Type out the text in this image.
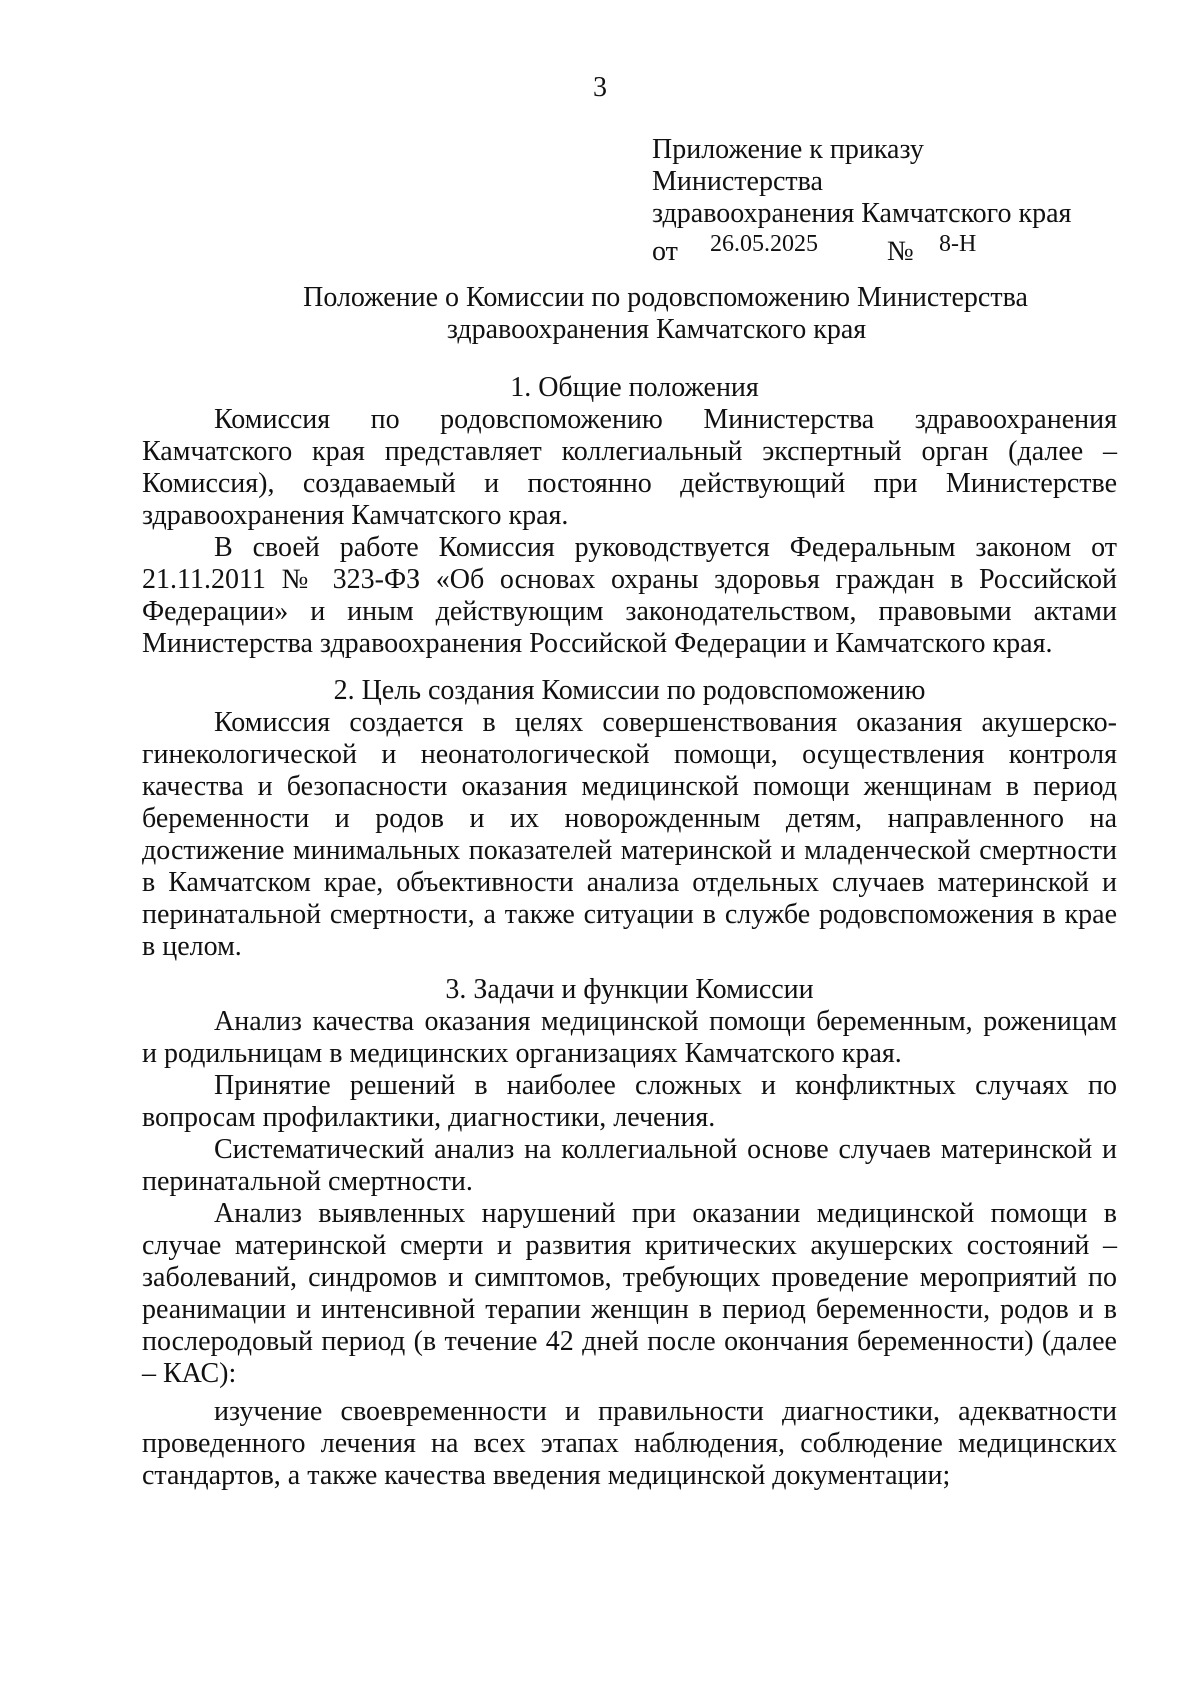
3
Приложение к приказу
Министерства
здравоохранения Камчатского края
от 26.05.2025 № 8-Н
Положение о Комиссии по родовспоможению Министерства
здравоохранения Камчатского края
1. Общие положения

Комиссия по родовспоможению Министерства здравоохранения Камчатского края представляет коллегиальный экспертный орган (далее – Комиссия), создаваемый и постоянно действующий при Министерстве здравоохранения Камчатского края.

В своей работе Комиссия руководствуется Федеральным законом от 21.11.2011 № 323-ФЗ «Об основах охраны здоровья граждан в Российской Федерации» и иным действующим законодательством, правовыми актами Министерства здравоохранения Российской Федерации и Камчатского края.

2. Цель создания Комиссии по родовспоможению

Комиссия создается в целях совершенствования оказания акушерско-гинекологической и неонатологической помощи, осуществления контроля качества и безопасности оказания медицинской помощи женщинам в период беременности и родов и их новорожденным детям, направленного на достижение минимальных показателей материнской и младенческой смертности в Камчатском крае, объективности анализа отдельных случаев материнской и перинатальной смертности, а также ситуации в службе родовспоможения в крае в целом.

3. Задачи и функции Комиссии

Анализ качества оказания медицинской помощи беременным, роженицам и родильницам в медицинских организациях Камчатского края.

Принятие решений в наиболее сложных и конфликтных случаях по вопросам профилактики, диагностики, лечения.

Систематический анализ на коллегиальной основе случаев материнской и перинатальной смертности.

Анализ выявленных нарушений при оказании медицинской помощи в случае материнской смерти и развития критических акушерских состояний – заболеваний, синдромов и симптомов, требующих проведение мероприятий по реанимации и интенсивной терапии женщин в период беременности, родов и в послеродовый период (в течение 42 дней после окончания беременности) (далее – КАС):

изучение своевременности и правильности диагностики, адекватности проведенного лечения на всех этапах наблюдения, соблюдение медицинских стандартов, а также качества введения медицинской документации;
